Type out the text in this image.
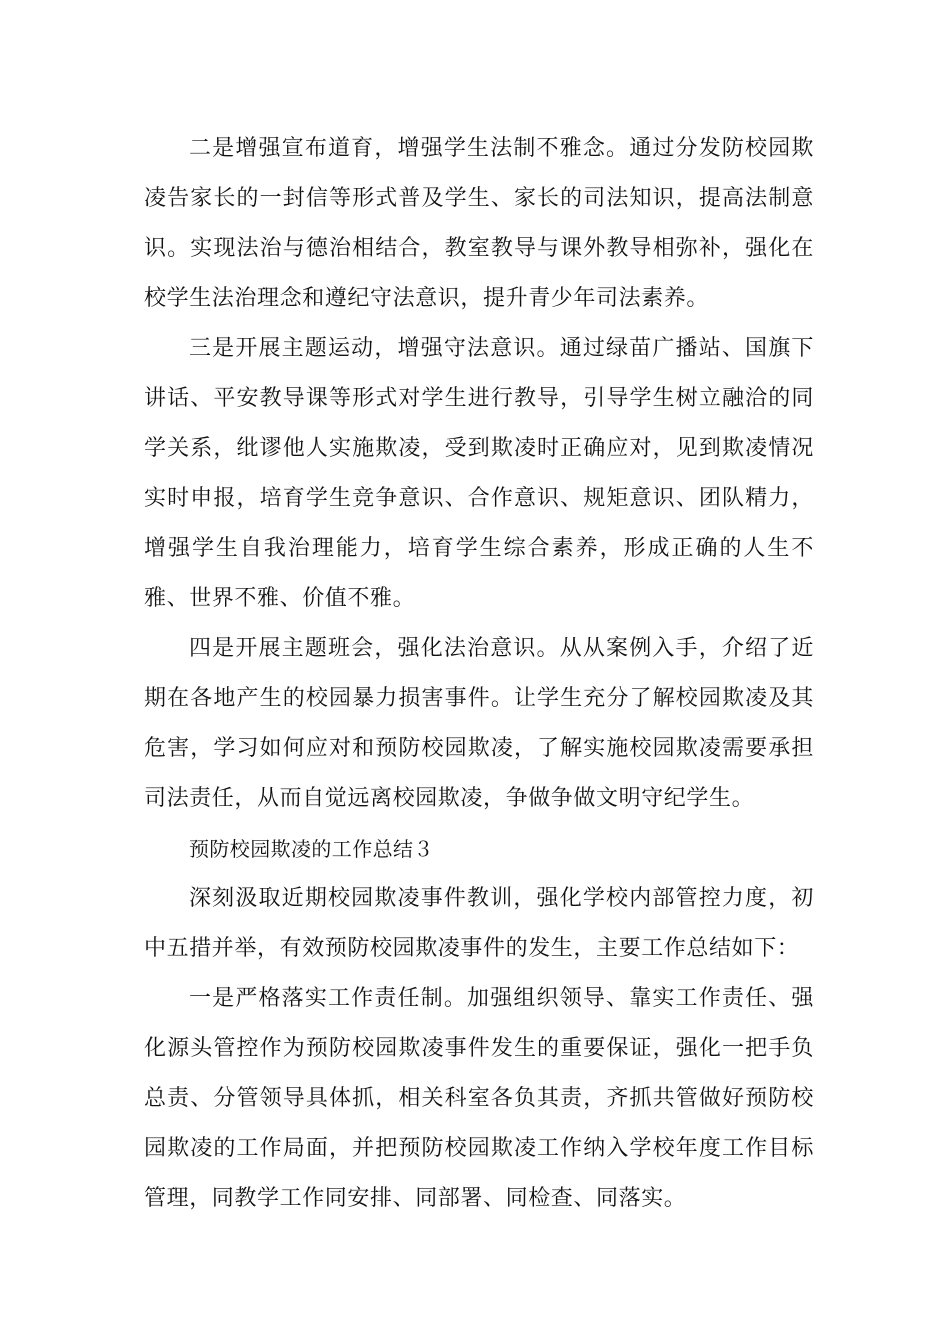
二是增强宣布道育，增强学生法制不雅念。通过分发防校园欺凌告家长的一封信等形式普及学生、家长的司法知识，提高法制意识。实现法治与德治相结合，教室教导与课外教导相弥补，强化在校学生法治理念和遵纪守法意识，提升青少年司法素养。

三是开展主题运动，增强守法意识。通过绿苗广播站、国旗下讲话、平安教导课等形式对学生进行教导，引导学生树立融洽的同学关系，纰谬他人实施欺凌，受到欺凌时正确应对，见到欺凌情况实时申报，培育学生竞争意识、合作意识、规矩意识、团队精力，增强学生自我治理能力，培育学生综合素养，形成正确的人生不雅、世界不雅、价值不雅。

四是开展主题班会，强化法治意识。从从案例入手，介绍了近期在各地产生的校园暴力损害事件。让学生充分了解校园欺凌及其危害，学习如何应对和预防校园欺凌，了解实施校园欺凌需要承担司法责任，从而自觉远离校园欺凌，争做争做文明守纪学生。

预防校园欺凌的工作总结３

深刻汲取近期校园欺凌事件教训，强化学校内部管控力度，初中五措并举，有效预防校园欺凌事件的发生，主要工作总结如下：

一是严格落实工作责任制。加强组织领导、靠实工作责任、强化源头管控作为预防校园欺凌事件发生的重要保证，强化一把手负总责、分管领导具体抓，相关科室各负其责，齐抓共管做好预防校园欺凌的工作局面，并把预防校园欺凌工作纳入学校年度工作目标管理，同教学工作同安排、同部署、同检查、同落实。
